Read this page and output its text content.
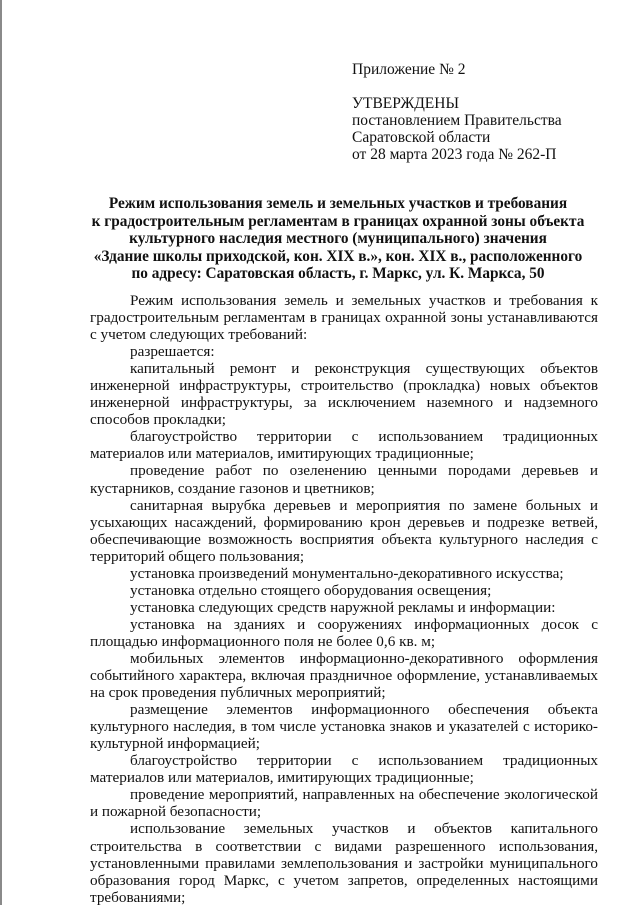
Приложение № 2
УТВЕРЖДЕНЫ
постановлением Правительства
Саратовской области
от 28 марта 2023 года № 262-П
Режим использования земель и земельных участков и требования
к градостроительным регламентам в границах охранной зоны объекта
культурного наследия местного (муниципального) значения
«Здание школы приходской, кон. XIX в.», кон. XIX в., расположенного
по адресу: Саратовская область, г. Маркс, ул. К. Маркса, 50

Режим использования земель и земельных участков и требования к градостроительным регламентам в границах охранной зоны устанавливаются с учетом следующих требований:

разрешается:

капитальный ремонт и реконструкция существующих объектов инженерной инфраструктуры, строительство (прокладка) новых объектов инженерной инфраструктуры, за исключением наземного и надземного способов прокладки;

благоустройство территории с использованием традиционных материалов или материалов, имитирующих традиционные;

проведение работ по озеленению ценными породами деревьев и кустарников, создание газонов и цветников;

санитарная вырубка деревьев и мероприятия по замене больных и усыхающих насаждений, формированию крон деревьев и подрезке ветвей, обеспечивающие возможность восприятия объекта культурного наследия с территорий общего пользования;

установка произведений монументально-декоративного искусства;

установка отдельно стоящего оборудования освещения;

установка следующих средств наружной рекламы и информации:

установка на зданиях и сооружениях информационных досок с площадью информационного поля не более 0,6 кв. м;

мобильных элементов информационно-декоративного оформления событийного характера, включая праздничное оформление, устанавливаемых на срок проведения публичных мероприятий;

размещение элементов информационного обеспечения объекта культурного наследия, в том числе установка знаков и указателей с историко-культурной информацией;

благоустройство территории с использованием традиционных материалов или материалов, имитирующих традиционные;

проведение мероприятий, направленных на обеспечение экологической и пожарной безопасности;

использование земельных участков и объектов капитального строительства в соответствии с видами разрешенного использования, установленными правилами землепользования и застройки муниципального образования город Маркс, с учетом запретов, определенных настоящими требованиями;
